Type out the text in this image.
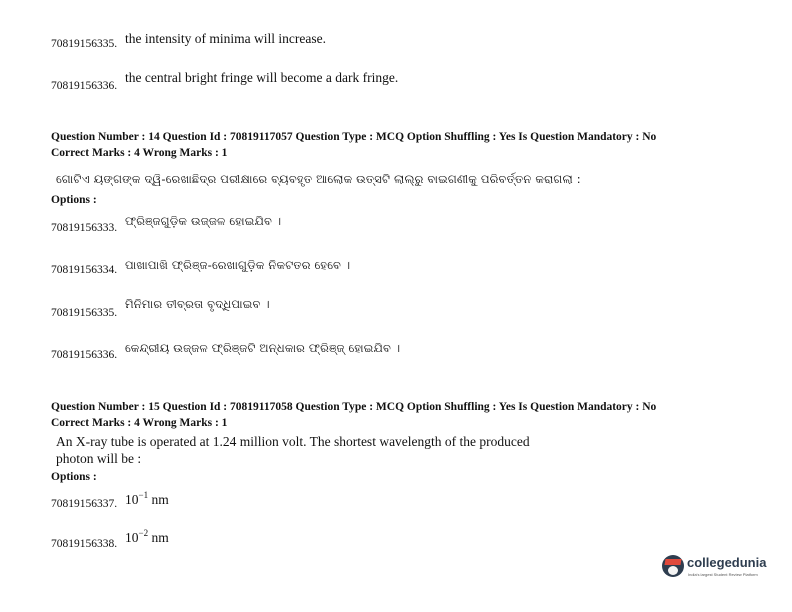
70819156335. the intensity of minima will increase.
70819156336.
the central bright fringe will become a dark fringe.
Question Number : 14 Question Id : 70819117057 Question Type : MCQ Option Shuffling : Yes Is Question Mandatory : No
Correct Marks : 4 Wrong Marks : 1
ଗୋଟିଏ ୟଙ୍ଗଙ୍କ ଦ୍ୱି-ରେଖାଛିଦ୍ର ପରୀକ୍ଷାରେ ବ୍ୟବହୃତ ଆଲୋକ ଉତ୍ସଟି ଲାଲ୍‌ରୁ ବାଇଗଣୀକୁ ପରିବର୍ତ୍ତନ କରାଗଲା :
Options :
70819156333. ଫ୍ରିଞ୍ଜଗୁଡ଼ିକ ଉଜ୍ଜଳ ହୋଇଯିବ ।
70819156334. ପାଖାପାଖି ଫ୍ରିଞ୍ଜ-ରେଖାଗୁଡ଼ିକ ନିକଟତର ହେବେ ।
70819156335.
ମିନିମାର ତୀବ୍ରତା ବୃଦ୍ଧିପାଇବ ।
70819156336. କେନ୍ଦ୍ରୀୟ ଉଜ୍ଜଳ ଫ୍ରିଞ୍ଜଟି ଅନ୍ଧକାର ଫ୍ରିଞ୍ଜ୍ ହୋଇଯିବ ।
Question Number : 15 Question Id : 70819117058 Question Type : MCQ Option Shuffling : Yes Is Question Mandatory : No
Correct Marks : 4 Wrong Marks : 1
An X-ray tube is operated at 1.24 million volt. The shortest wavelength of the produced
photon will be :
Options :
70819156337. $10^{-1}$ nm
70819156338. $10^{-2}$ nm
collegedunia
India's largest Student Review Platform
